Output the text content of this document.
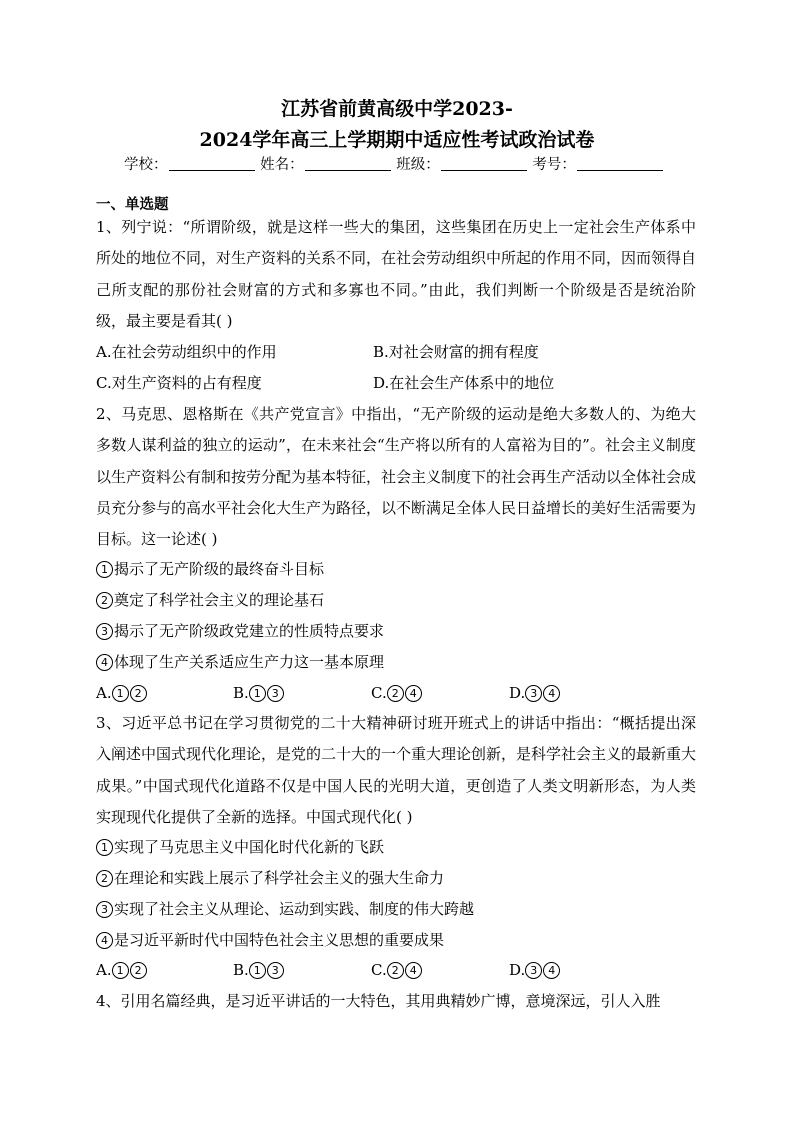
江苏省前黄高级中学2023-
2024学年高三上学期期中适应性考试政治试卷
学校：	姓名：	班级：	考号：
一、单选题
1、列宁说：“所谓阶级，就是这样一些大的集团，这些集团在历史上一定社会生产体系中所处的地位不同，对生产资料的关系不同，在社会劳动组织中所起的作用不同，因而领得自己所支配的那份社会财富的方式和多寡也不同。”由此，我们判断一个阶级是否是统治阶级，最主要是看其( )
A.在社会劳动组织中的作用	B.对社会财富的拥有程度
C.对生产资料的占有程度	D.在社会生产体系中的地位
2、马克思、恩格斯在《共产党宣言》中指出，“无产阶级的运动是绝大多数人的、为绝大多数人谋利益的独立的运动”，在未来社会“生产将以所有的人富裕为目的”。社会主义制度以生产资料公有制和按劳分配为基本特征，社会主义制度下的社会再生产活动以全体社会成员充分参与的高水平社会化大生产为路径，以不断满足全体人民日益增长的美好生活需要为目标。这一论述( )
1 揭示了无产阶级的最终奋斗目标
2 奠定了科学社会主义的理论基石
3 揭示了无产阶级政党建立的性质特点要求
4 体现了生产关系适应生产力这一基本原理
A. 1 2	B. 1 3	C. 2 4	D. 3 4
3、习近平总书记在学习贯彻党的二十大精神研讨班开班式上的讲话中指出：“概括提出深入阐述中国式现代化理论，是党的二十大的一个重大理论创新，是科学社会主义的最新重大成果。”中国式现代化道路不仅是中国人民的光明大道，更创造了人类文明新形态，为人类实现现代化提供了全新的选择。中国式现代化( )
1 实现了马克思主义中国化时代化新的飞跃
2 在理论和实践上展示了科学社会主义的强大生命力
3 实现了社会主义从理论、运动到实践、制度的伟大跨越
4 是习近平新时代中国特色社会主义思想的重要成果
A. 1 2	B. 1 3	C. 2 4	D. 3 4
4、引用名篇经典，是习近平讲话的一大特色，其用典精妙广博，意境深远，引人入胜
